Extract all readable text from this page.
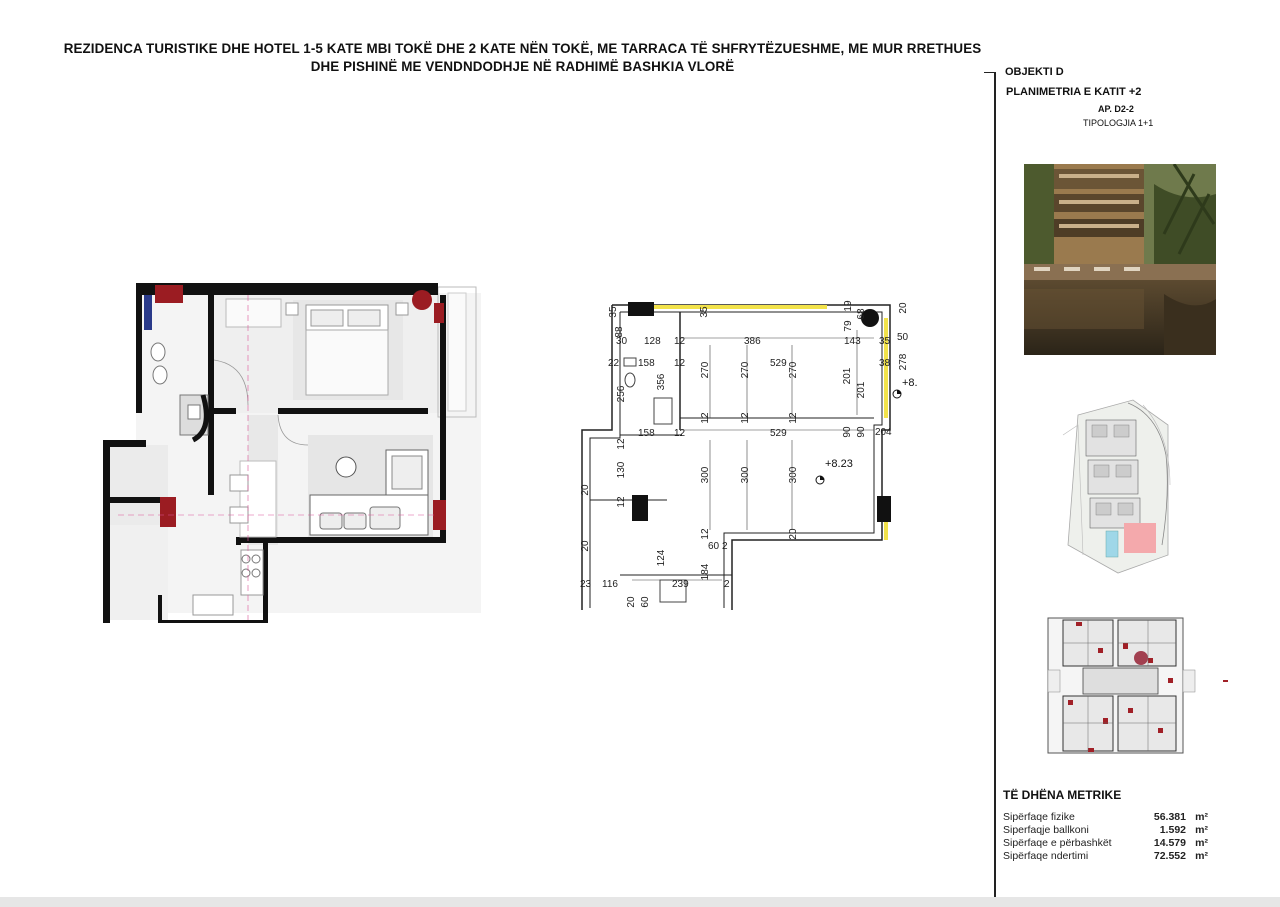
REZIDENCA TURISTIKE DHE HOTEL 1-5 KATE MBI TOKË DHE 2 KATE NËN TOKË, ME TARRACA TË SHFRYTËZUESHME, ME MUR RRETHUES
DHE PISHINË ME VENDNDODHJE NË RADHIMË BASHKIA VLORË
35	35
19	20
88
128 12	386	143
79
68
35 50
30
22 158 12 270	529
270	270	38 278
356	201
201
256
158 12
12	12	12
529	90 90 20 4
12
130	300	300	300
20
12
20
12
60 2
20
124
184
23 116	239	2
20 60
+8.
+8.23
OBJEKTI D
PLANIMETRIA E KATIT +2
AP. D2-2
TIPOLOGJIA 1+1
TË DHËNA METRIKE
Sipërfaqe fizike	56.381 m²
Siperfaqje ballkoni	1.592 m²
Sipërfaqe e përbashkët	14.579 m²
Sipërfaqe ndertimi	72.552 m²
